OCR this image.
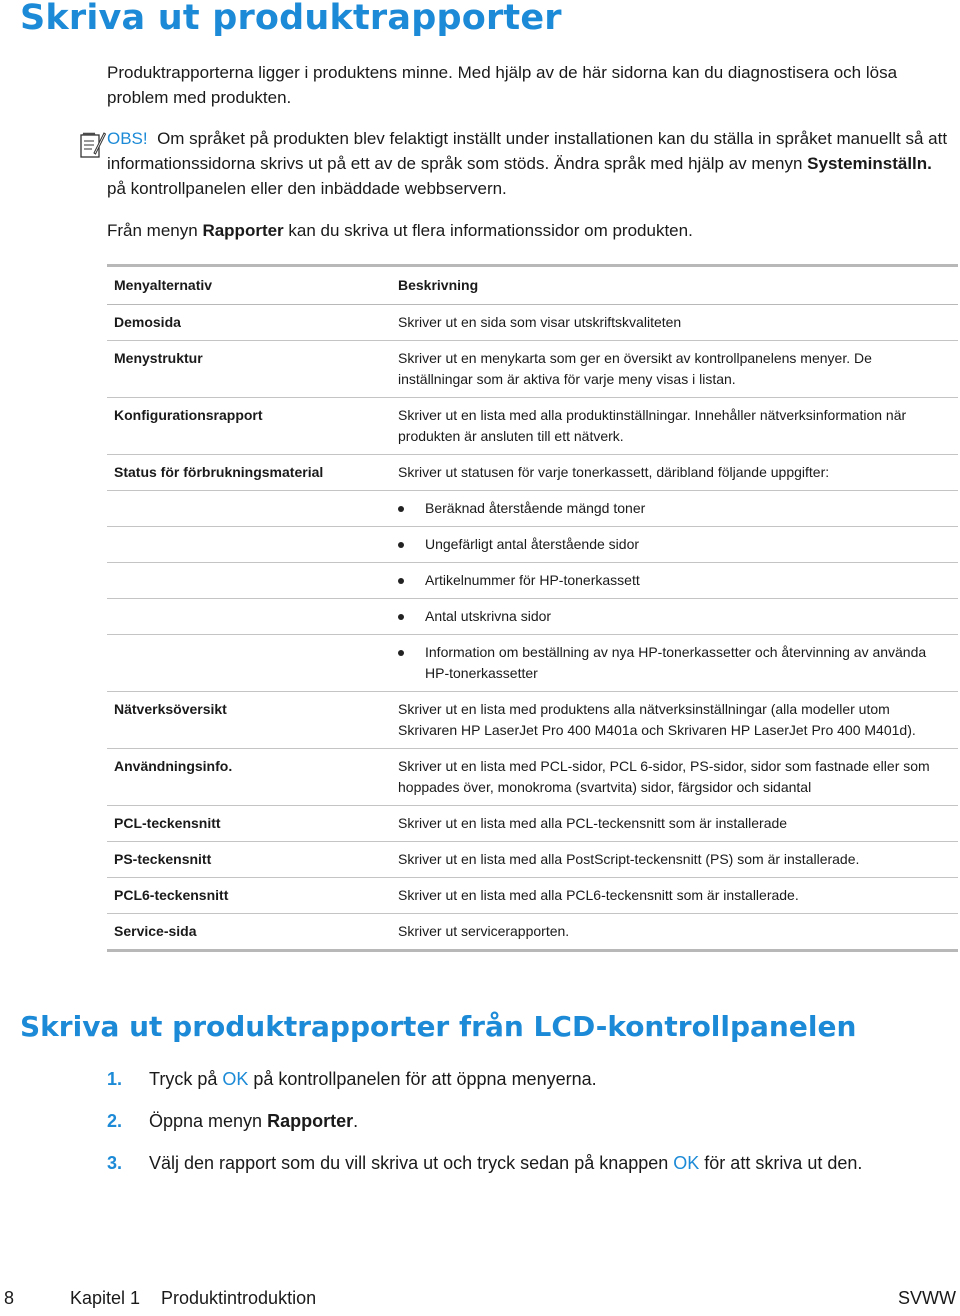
Skriva ut produktrapporter

Produktrapporterna ligger i produktens minne. Med hjälp av de här sidorna kan du diagnostisera och lösa problem med produkten.

OBS! Om språket på produkten blev felaktigt inställt under installationen kan du ställa in språket manuellt så att informationssidorna skrivs ut på ett av de språk som stöds. Ändra språk med hjälp av menyn Systeminställn. på kontrollpanelen eller den inbäddade webbservern.

Från menyn Rapporter kan du skriva ut flera informationssidor om produkten.

Menyalternativ	Beskrivning
Demosida	Skriver ut en sida som visar utskriftskvaliteten
Menystruktur	Skriver ut en menykarta som ger en översikt av kontrollpanelens menyer. De inställningar som är aktiva för varje meny visas i listan.
Konfigurationsrapport	Skriver ut en lista med alla produktinställningar. Innehåller nätverksinformation när produkten är ansluten till ett nätverk.
Status för förbrukningsmaterial	Skriver ut statusen för varje tonerkassett, däribland följande uppgifter:
	Beräknad återstående mängd toner
	Ungefärligt antal återstående sidor
	Artikelnummer för HP-tonerkassett
	Antal utskrivna sidor
	Information om beställning av nya HP-tonerkassetter och återvinning av använda HP-tonerkassetter
Nätverksöversikt	Skriver ut en lista med produktens alla nätverksinställningar (alla modeller utom Skrivaren HP LaserJet Pro 400 M401a och Skrivaren HP LaserJet Pro 400 M401d).
Användningsinfo.	Skriver ut en lista med PCL-sidor, PCL 6-sidor, PS-sidor, sidor som fastnade eller som hoppades över, monokroma (svartvita) sidor, färgsidor och sidantal
PCL-teckensnitt	Skriver ut en lista med alla PCL-teckensnitt som är installerade
PS-teckensnitt	Skriver ut en lista med alla PostScript-teckensnitt (PS) som är installerade.
PCL6-teckensnitt	Skriver ut en lista med alla PCL6-teckensnitt som är installerade.
Service-sida	Skriver ut servicerapporten.
Skriva ut produktrapporter från LCD-kontrollpanelen
1. Tryck på OK på kontrollpanelen för att öppna menyerna.
2. Öppna menyn Rapporter.
3. Välj den rapport som du vill skriva ut och tryck sedan på knappen OK för att skriva ut den.
8	Kapitel 1 Produktintroduktion	SVWW
